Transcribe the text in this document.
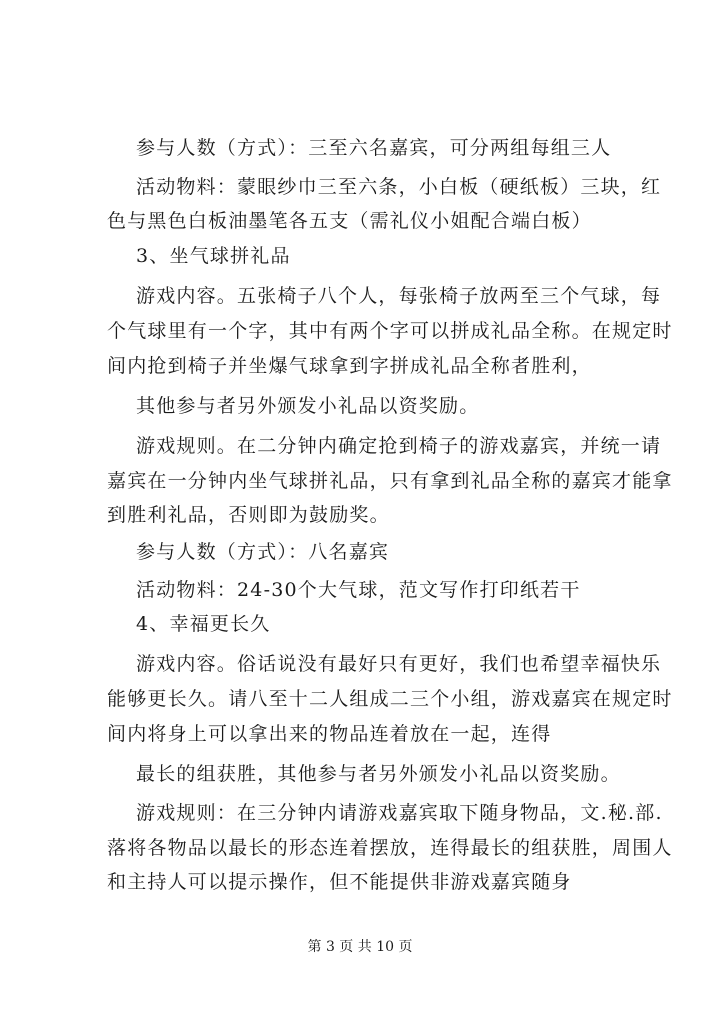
参与人数（方式）：三至六名嘉宾，可分两组每组三人
活动物料：蒙眼纱巾三至六条，小白板（硬纸板）三块，红
色与黑色白板油墨笔各五支（需礼仪小姐配合端白板）
3、坐气球拼礼品
游戏内容。五张椅子八个人，每张椅子放两至三个气球，每
个气球里有一个字，其中有两个字可以拼成礼品全称。在规定时
间内抢到椅子并坐爆气球拿到字拼成礼品全称者胜利，
其他参与者另外颁发小礼品以资奖励。
游戏规则。在二分钟内确定抢到椅子的游戏嘉宾，并统一请
嘉宾在一分钟内坐气球拼礼品，只有拿到礼品全称的嘉宾才能拿
到胜利礼品，否则即为鼓励奖。
参与人数（方式）：八名嘉宾
活动物料：24-30个大气球，范文写作打印纸若干
4、幸福更长久
游戏内容。俗话说没有最好只有更好，我们也希望幸福快乐
能够更长久。请八至十二人组成二三个小组，游戏嘉宾在规定时
间内将身上可以拿出来的物品连着放在一起，连得
最长的组获胜，其他参与者另外颁发小礼品以资奖励。
游戏规则：在三分钟内请游戏嘉宾取下随身物品，文.秘.部.
落将各物品以最长的形态连着摆放，连得最长的组获胜，周围人
和主持人可以提示操作，但不能提供非游戏嘉宾随身
第 3 页 共 10 页
